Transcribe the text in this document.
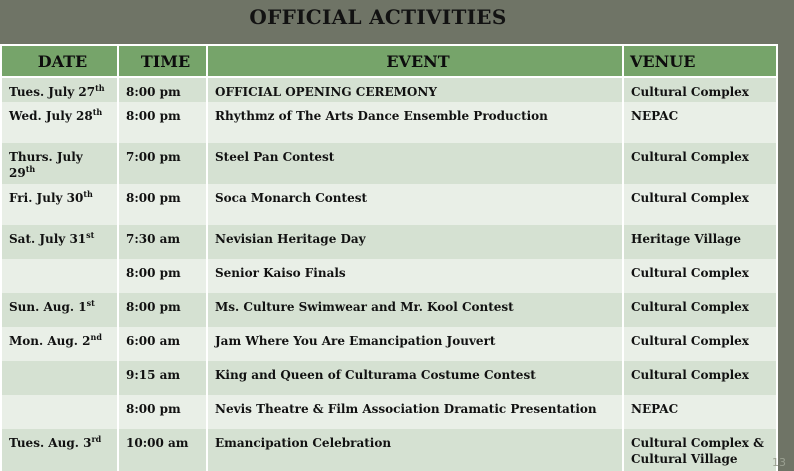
OFFICIAL ACTIVITIES
DATE	TIME	EVENT	VENUE
Tues. July 27th	8:00 pm	OFFICIAL OPENING CEREMONY	Cultural Complex
Wed. July 28th	8:00 pm	Rhythmz of The Arts Dance Ensemble Production	NEPAC
Thurs. July 29th	7:00 pm	Steel Pan Contest	Cultural Complex
Fri. July 30th	8:00 pm	Soca Monarch Contest	Cultural Complex
Sat. July 31st	7:30 am	Nevisian Heritage Day	Heritage Village
	8:00 pm	Senior Kaiso Finals	Cultural Complex
Sun. Aug. 1st	8:00 pm	Ms. Culture Swimwear and Mr. Kool Contest	Cultural Complex
Mon. Aug. 2nd	6:00 am	Jam Where You Are Emancipation Jouvert	Cultural Complex
	9:15 am	King and Queen of Culturama Costume Contest	Cultural Complex
	8:00 pm	Nevis Theatre & Film Association Dramatic Presentation	NEPAC
Tues. Aug. 3rd	10:00 am	Emancipation Celebration	Cultural Complex & Cultural Village	13
